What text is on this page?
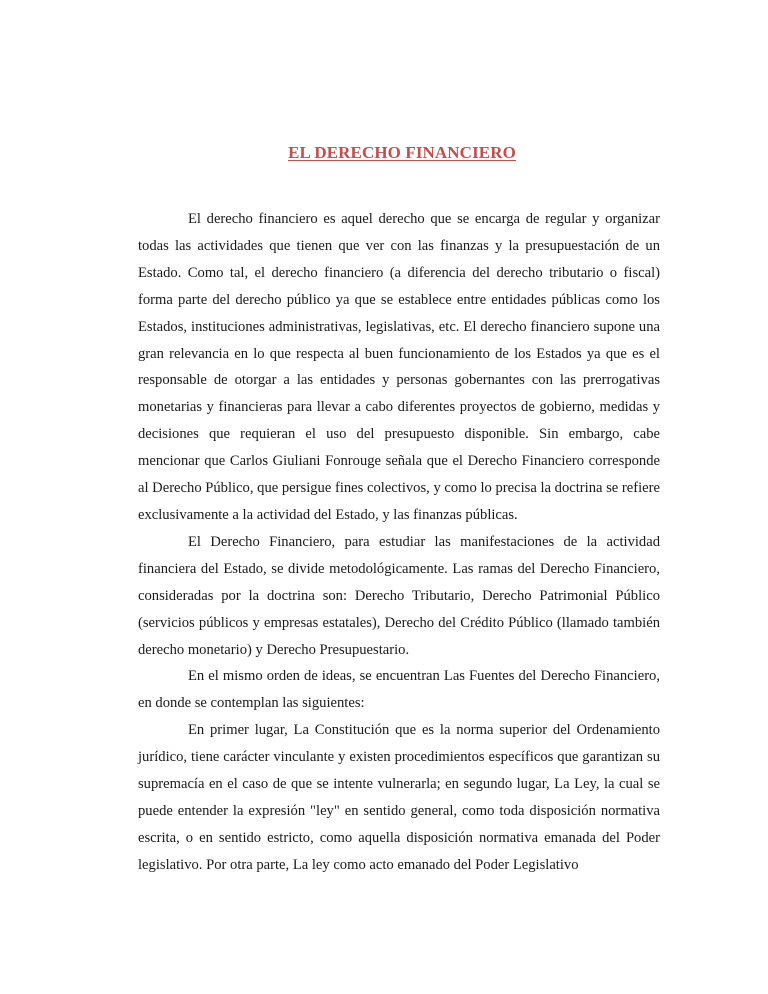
EL DERECHO FINANCIERO

El derecho financiero es aquel derecho que se encarga de regular y organizar todas las actividades que tienen que ver con las finanzas y la presupuestación de un Estado. Como tal, el derecho financiero (a diferencia del derecho tributario o fiscal) forma parte del derecho público ya que se establece entre entidades públicas como los Estados, instituciones administrativas, legislativas, etc. El derecho financiero supone una gran relevancia en lo que respecta al buen funcionamiento de los Estados ya que es el responsable de otorgar a las entidades y personas gobernantes con las prerrogativas monetarias y financieras para llevar a cabo diferentes proyectos de gobierno, medidas y decisiones que requieran el uso del presupuesto disponible. Sin embargo, cabe mencionar que Carlos Giuliani Fonrouge señala que el Derecho Financiero corresponde al Derecho Público, que persigue fines colectivos, y como lo precisa la doctrina se refiere exclusivamente a la actividad del Estado, y las finanzas públicas.

El Derecho Financiero, para estudiar las manifestaciones de la actividad financiera del Estado, se divide metodológicamente. Las ramas del Derecho Financiero, consideradas por la doctrina son: Derecho Tributario, Derecho Patrimonial Público (servicios públicos y empresas estatales), Derecho del Crédito Público (llamado también derecho monetario) y Derecho Presupuestario.

En el mismo orden de ideas, se encuentran Las Fuentes del Derecho Financiero, en donde se contemplan las siguientes:

En primer lugar, La Constitución que es la norma superior del Ordenamiento jurídico, tiene carácter vinculante y existen procedimientos específicos que garantizan su supremacía en el caso de que se intente vulnerarla; en segundo lugar, La Ley, la cual se puede entender la expresión "ley" en sentido general, como toda disposición normativa escrita, o en sentido estricto, como aquella disposición normativa emanada del Poder legislativo. Por otra parte, La ley como acto emanado del Poder Legislativo
